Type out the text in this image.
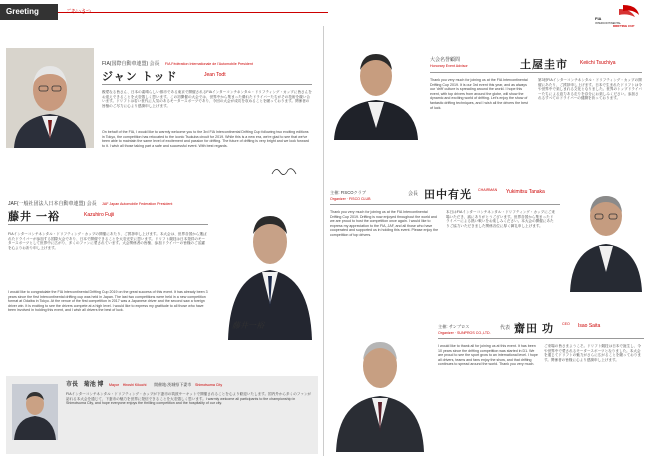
Greeting	ごあいさつ
FIA
INTERCONTINENTAL
DRIFTING CUP
FIA(国際自動車連盟) 会長 FIA Fédération Internationale de l'Automobile President
ジャン トッド	Jean Todt
親愛なる皆さん、日本の素晴らしい都市である東京で開催されるFIAインターコンチネンタル・ドリフティング・カップに皆さんをお迎えできることを大変嬉しく思います。この初開催の大会では、世界中から集まった優れたドライバーたちがその技術を競い合います。ドリフトは若い世代に人気のあるモータースポーツであり、今回の大会が成功を収めることを願っております。関係者の皆様のご尽力に心より感謝申し上げます。
On behalf of the FIA, I would like to warmly welcome you to the 3rd FIA Intercontinental Drifting Cup following two exciting editions in Tokyo, the competition has relocated to the iconic Tsukuba circuit for 2019. While this is a new era, we're glad to see that we've been able to maintain the same level of excitement and passion for drifting. The future of drifting is very bright and we look forward to it. I wish all those taking part a safe and successful event. With best regards.
JAF(一般社団法人日本自動車連盟) 会長 JAF Japan Automobile Federation President
藤井 一裕	Kazuhiro Fujii
FIAインターコンチネンタル・ドリフティング・カップの開催にあたり、ご挨拶申し上げます。本大会は、世界各国から選ばれたドライバーが参加する国際大会であり、日本で開催できることを大変光栄に思います。ドリフト競技は日本発祥のモータースポーツとして世界中に広がり、多くのファンに愛されています。大会関係者の皆様、参加ドライバーの皆様のご活躍を心よりお祈り申し上げます。
I would like to congratulate the FIA Intercontinental Drifting Cup 2019 on the great success of this event. It has already been 3 years since the first Intercontinental drifting cup was held in Japan. The last two competitions were held in a new competition format at Odaiba in Tokyo. At the venue of the first competition in 2017 was a Japanese driver and the second saw a foreign driver win. It is exciting to see the drivers compete at a high level. I would like to express my gratitude to all those who have been involved in holding this event, and I wish all drivers the best of luck.
藤井一裕
市長 菊池 博 Mayor Hiroshi Kikuchi 開催地:茨城県下妻市 Shimotsuma City
FIAインターコンチネンタル・ドリフティング・カップが下妻市の筑波サーキットで開催されることを心より歓迎いたします。国内外から多くのファンが訪れる本大会を通じて、下妻市の魅力を世界に発信できることを大変嬉しく思います。I warmly welcome all participants to the championship in Shimotsuma City, and hope everyone enjoys the thrilling competition and the hospitality of our city.
大会名誉顧問
Honorary Event Advisor	土屋圭市 Keiichi Tsuchiya
Thank you very much for joining us at the FIA Intercontinental Drifting Cup 2019. It is our 3rd event this year, and as always our 'drift' culture is spreading around the world. I hope this event, with top drivers from around the globe, will show the dynamic and exciting world of drifting. Let's enjoy the show of fantastic drifting techniques, and I wish all the drivers the best of luck.
第3回FIAインターコンチネンタル・ドリフティング・カップの開催にあたり、ご挨拶申し上げます。日本で生まれたドリフトは今や世界中で楽しまれる文化となりました。世界のトップドライバーたちによる迫力ある走りを存分にお楽しみください。参加されるすべてのドライバーの健闘を祈っております。
主催: FISCOクラブ
Organizer · FISCO CLUB
会長 田中有光 CHAIRMAN Yukimitsu Tanaka
Thank you very much for joining us at the FIA Intercontinental Drifting Cup 2019. Drifting is now enjoyed throughout the world and we are proud to host the competition once again. I would like to express my appreciation to the FIA, JAF, and all those who have cooperated and supported us in holding this event. Please enjoy the competition of top drivers.
本日はFIAインターコンチネンタル・ドリフティング・カップにご来場いただき、誠にありがとうございます。世界各国から集まったドライバーによる熱い戦いをお楽しみください。本大会の開催にあたりご協力いただきました関係各位に厚く御礼申し上げます。
主催: サンプロス
Organizer · SUNPROS CO.,LTD.
代表 齋田 功 CEO Isao Saita
I would like to thank all for joining us at this event. It has been 10 years since the drifting competition was started in D1. We are proud to see the sport grow to an international level. I hope all drivers, teams and fans enjoy the show, and that drifting continues to spread around the world. Thank you very much.
ご来場の皆さまようこそ。ドリフト競技は日本で誕生し、今や世界中で愛されるモータースポーツとなりました。本大会を通じてドリフトの魅力がさらに広がることを願っております。関係者の皆様に心より感謝申し上げます。
